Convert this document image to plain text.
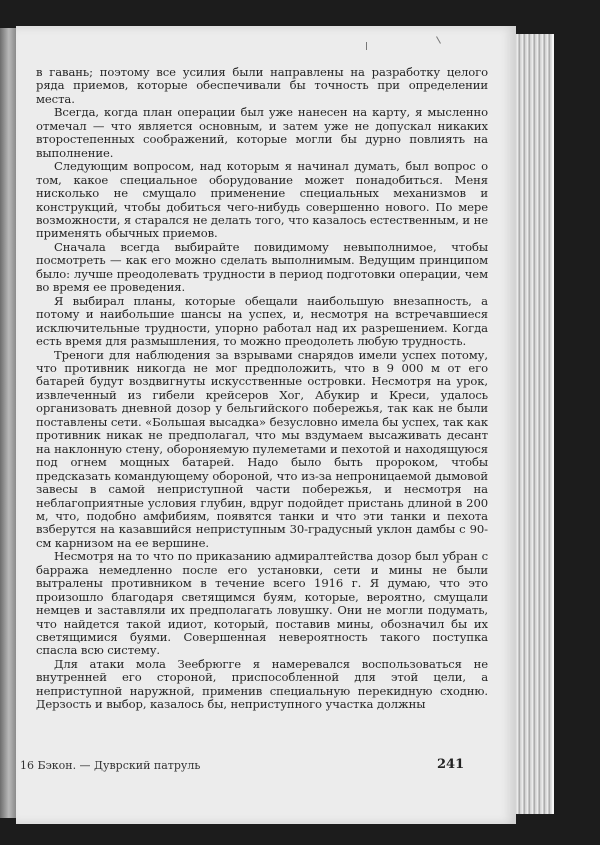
в гавань; поэтому все усилия были направлены на разработку целого ряда приемов, которые обеспечивали бы точность при определении места.

Всегда, когда план операции был уже нанесен на карту, я мысленно отмечал — что является основным, и затем уже не допускал никаких второстепенных соображений, которые могли бы дурно повлиять на выполнение.

Следующим вопросом, над которым я начинал думать, был вопрос о том, какое специальное оборудование может понадобиться. Меня нисколько не смущало применение специальных механизмов и конструкций, чтобы добиться чего-нибудь совершенно нового. По мере возможности, я старался не делать того, что казалось естественным, и не применять обычных приемов.

Сначала всегда выбирайте повидимому невыполнимое, чтобы посмотреть — как его можно сделать выполнимым. Ведущим принципом было: лучше преодолевать трудности в период подготовки операции, чем во время ее проведения.

Я выбирал планы, которые обещали наибольшую внезапность, а потому и наибольшие шансы на успех, и, несмотря на встречавшиеся исключительные трудности, упорно работал над их разрешением. Когда есть время для размышления, то можно преодолеть любую трудность.

Треноги для наблюдения за взрывами снарядов имели успех потому, что противник никогда не мог предположить, что в 9 000 м от его батарей будут воздвигнуты искусственные островки. Несмотря на урок, извлеченный из гибели крейсеров Хог, Абукир и Креси, удалось организовать дневной дозор у бельгийского побережья, так как не были поставлены сети. «Большая высадка» безусловно имела бы успех, так как противник никак не предполагал, что мы вздумаем высаживать десант на наклонную стену, обороняемую пулеметами и пехотой и находящуюся под огнем мощных батарей. Надо было быть пророком, чтобы предсказать командующему обороной, что из-за непроницаемой дымовой завесы в самой неприступной части побережья, и несмотря на неблагоприятные условия глубин, вдруг подойдет пристань длиной в 200 м, что, подобно амфибиям, появятся танки и что эти танки и пехота взберутся на казавшийся неприступным 30-градусный уклон дамбы с 90-см карнизом на ее вершине.

Несмотря на то что по приказанию адмиралтейства дозор был убран с барража немедленно после его установки, сети и мины не были вытралены противником в течение всего 1916 г. Я думаю, что это произошло благодаря светящимся буям, которые, вероятно, смущали немцев и заставляли их предполагать ловушку. Они не могли подумать, что найдется такой идиот, который, поставив мины, обозначил бы их светящимися буями. Совершенная невероятность такого поступка спасла всю систему.

Для атаки мола Зеебрюгге я намеревался воспользоваться не внутренней его стороной, приспособленной для этой цели, а неприступной наружной, применив специальную перекидную сходню. Дерзость и выбор, казалось бы, неприступного участка должны

16 Бэкон. — Дуврский патруль	241
